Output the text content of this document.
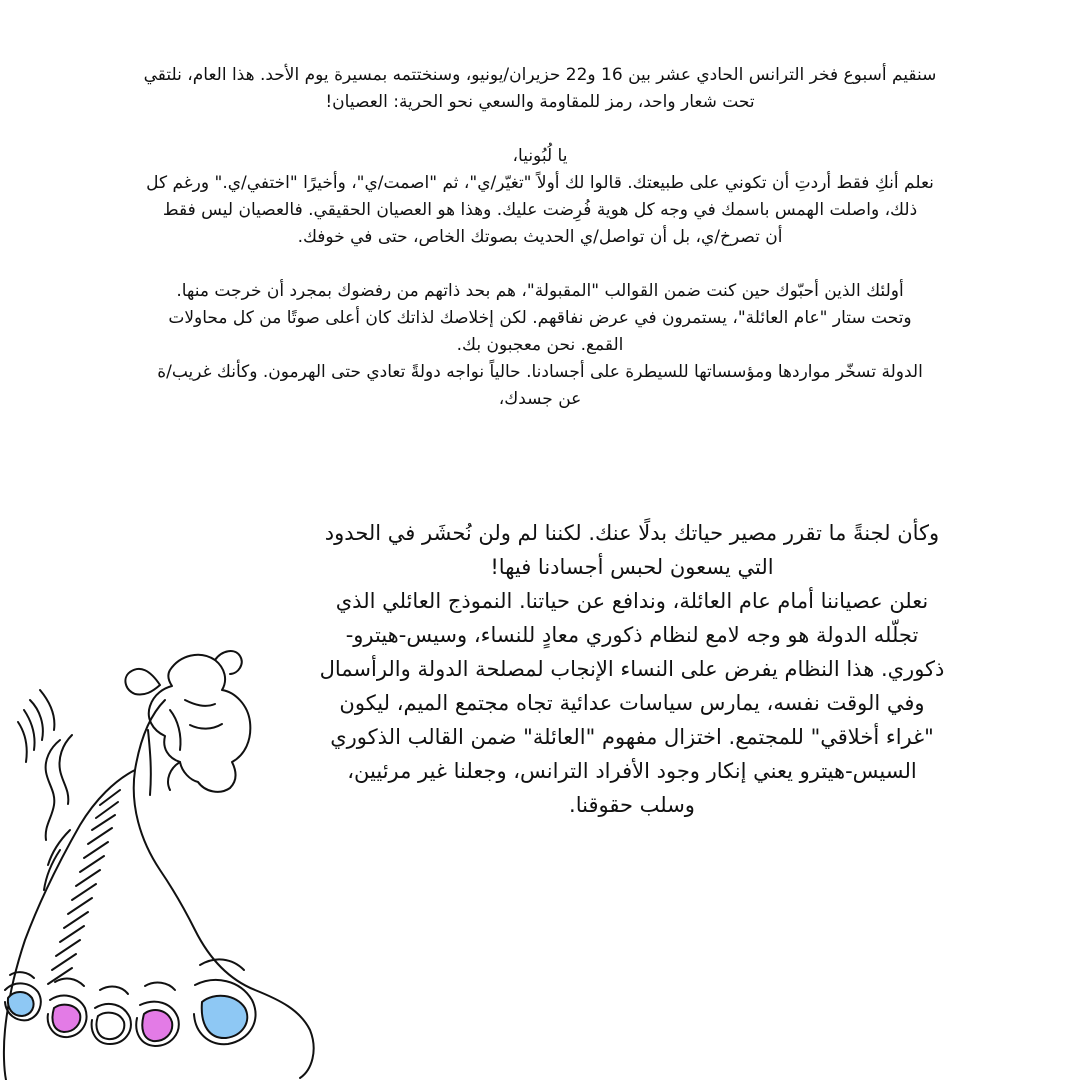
سنقيم أسبوع فخر الترانس الحادي عشر بين 16 و22 حزيران/يونيو، وسنختتمه بمسيرة يوم الأحد. هذا العام، نلتقي
تحت شعار واحد، رمز للمقاومة والسعي نحو الحرية: العصيان!

يا لُبُونيا،

نعلم أنكِ فقط أردتِ أن تكوني على طبيعتك. قالوا لك أولاً "تغيّر/ي"، ثم "اصمت/ي"، وأخيرًا "اختفي/ي." ورغم كل
ذلك، واصلت الهمس باسمك في وجه كل هوية فُرِضت عليك. وهذا هو العصيان الحقيقي. فالعصيان ليس فقط
أن تصرخ/ي، بل أن تواصل/ي الحديث بصوتك الخاص، حتى في خوفك.

أولئك الذين أحبّوك حين كنت ضمن القوالب "المقبولة"، هم بحد ذاتهم من رفضوك بمجرد أن خرجت منها.
وتحت ستار "عام العائلة"، يستمرون في عرض نفاقهم. لكن إخلاصك لذاتك كان أعلى صوتًا من كل محاولات
القمع. نحن معجبون بك.

الدولة تسخّر مواردها ومؤسساتها للسيطرة على أجسادنا. حالياً نواجه دولةً تعادي حتى الهرمون. وكأنك غريب/ة
عن جسدك،

وكأن لجنةً ما تقرر مصير حياتك بدلًا عنك. لكننا لم ولن نُحشَر في الحدود
التي يسعون لحبس أجسادنا فيها!

نعلن عصياننا أمام عام العائلة، وندافع عن حياتنا. النموذج العائلي الذي
تجلّله الدولة هو وجه لامع لنظام ذكوري معادٍ للنساء، وسيس-هيترو-
ذكوري. هذا النظام يفرض على النساء الإنجاب لمصلحة الدولة والرأسمال
وفي الوقت نفسه، يمارس سياسات عدائية تجاه مجتمع الميم، ليكون
"غراء أخلاقي" للمجتمع. اختزال مفهوم "العائلة" ضمن القالب الذكوري
السيس-هيترو يعني إنكار وجود الأفراد الترانس، وجعلنا غير مرئيين،
وسلب حقوقنا.
